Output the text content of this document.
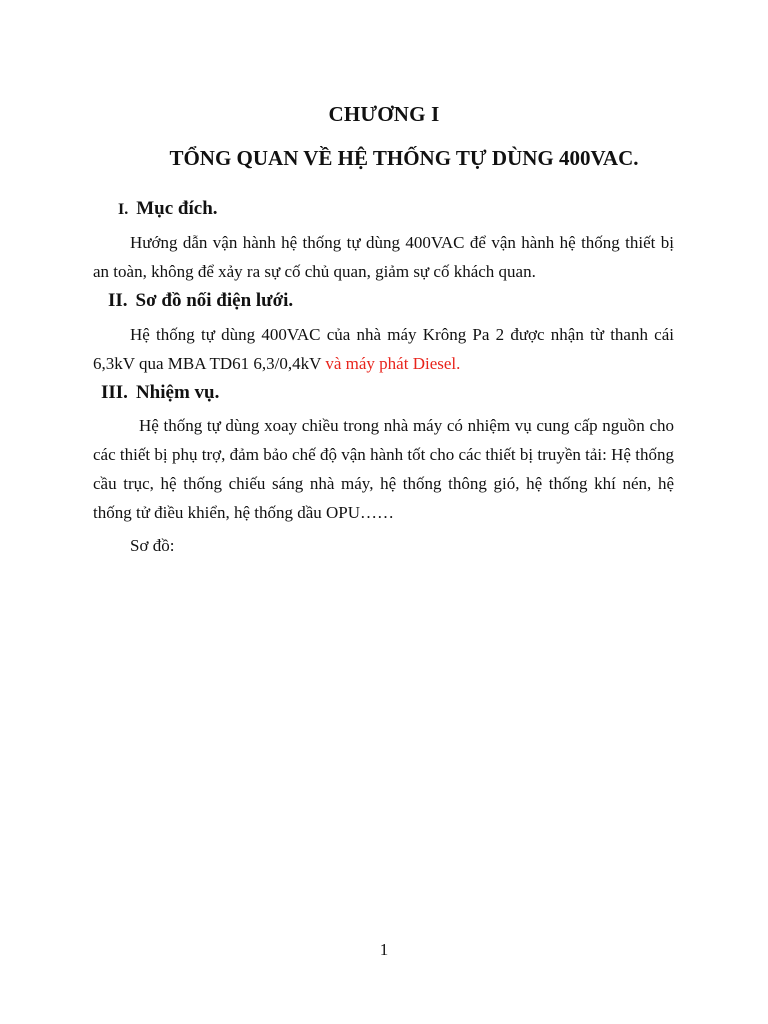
CHƯƠNG I
TỔNG QUAN VỀ HỆ THỐNG TỰ DÙNG 400VAC.
I. Mục đích.
Hướng dẫn vận hành hệ thống tự dùng 400VAC để vận hành hệ thống thiết bị an toàn, không để xảy ra sự cố chủ quan, giảm sự cố khách quan.
II. Sơ đồ nối điện lưới.
Hệ thống tự dùng 400VAC của nhà máy Krông Pa 2 được nhận từ thanh cái 6,3kV qua MBA TD61 6,3/0,4kV và máy phát Diesel.
III. Nhiệm vụ.
Hệ thống tự dùng xoay chiều trong nhà máy có nhiệm vụ cung cấp nguồn cho các thiết bị phụ trợ, đảm bảo chế độ vận hành tốt cho các thiết bị truyền tải: Hệ thống cầu trục, hệ thống chiếu sáng nhà máy, hệ thống thông gió, hệ thống khí nén, hệ thống tử điều khiển, hệ thống dầu OPU……
Sơ đồ:
1
